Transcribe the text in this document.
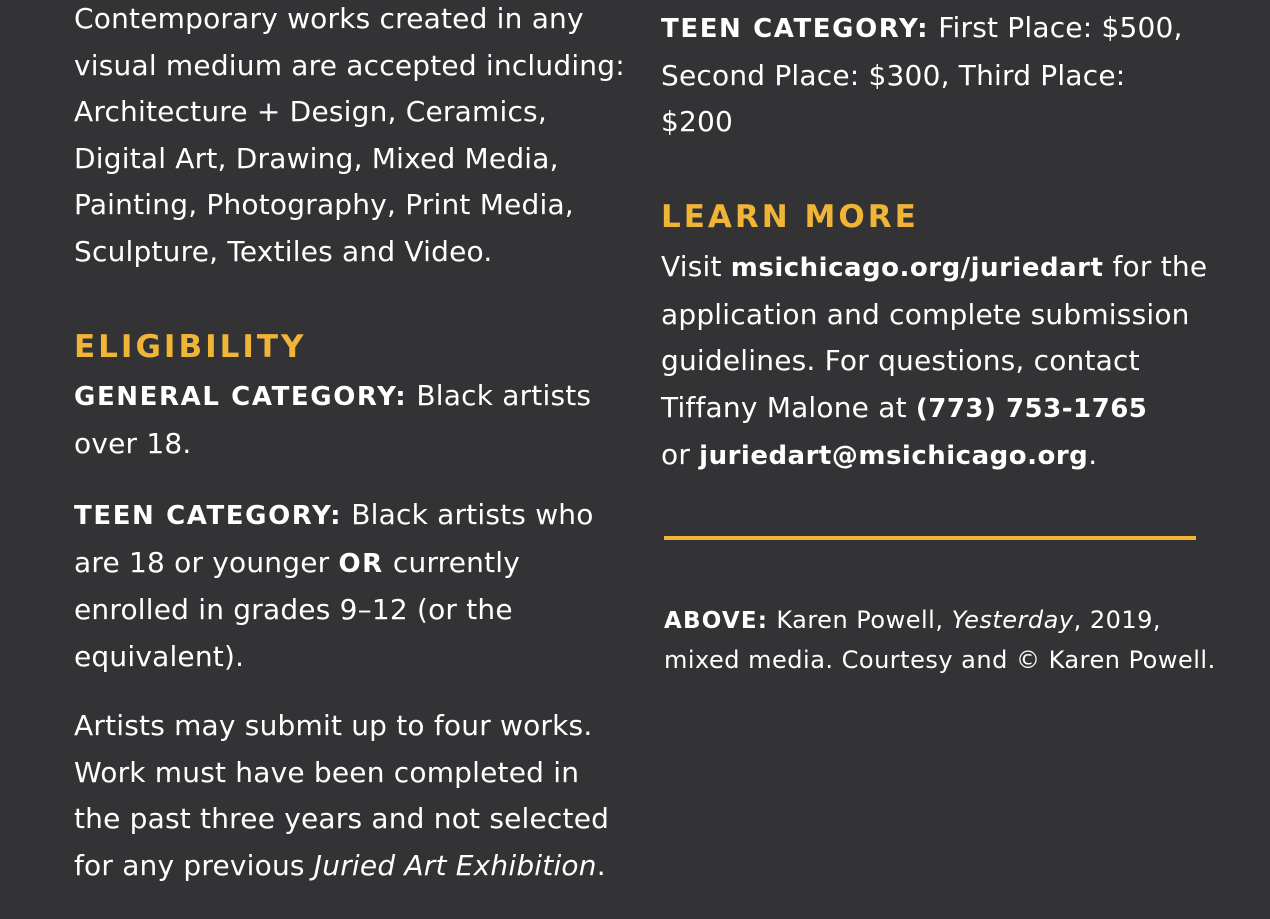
Contemporary works created in any

visual medium are accepted including:

Architecture + Design, Ceramics,

Digital Art, Drawing, Mixed Media,

Painting, Photography, Print Media,

Sculpture, Textiles and Video.

ELIGIBILITY

GENERAL CATEGORY: Black artists

over 18.

TEEN CATEGORY: Black artists who

are 18 or younger OR currently

enrolled in grades 9–12 (or the

equivalent).

Artists may submit up to four works.

Work must have been completed in

the past three years and not selected

for any previous Juried Art Exhibition.

TEEN CATEGORY: First Place: $500,

Second Place: $300, Third Place:

$200

LEARN MORE

Visit msichicago.org/juriedart for the

application and complete submission

guidelines. For questions, contact

Tiffany Malone at (773) 753-1765

or juriedart@msichicago.org.

ABOVE: Karen Powell, Yesterday, 2019,

mixed media. Courtesy and © Karen Powell.
